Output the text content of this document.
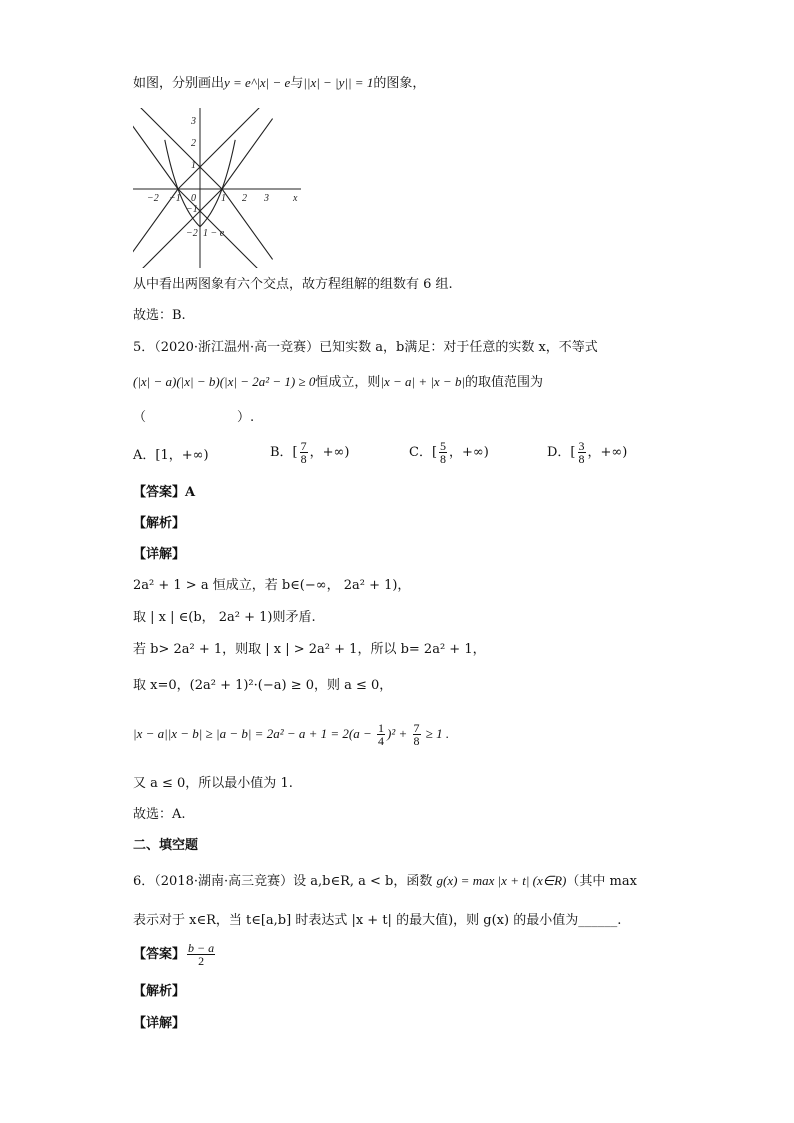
如图，分别画出y = e^|x| − e与||x| − |y|| = 1的图象，
−2 −1 0	1 2 3
3
2
1
−1
−2 1 − e
x
从中看出两图象有六个交点，故方程组解的组数有 6 组.
故选：B.
5．（2020·浙江温州·高一竞赛）已知实数 a，b满足：对于任意的实数 x，不等式
(|x| − a)(|x| − b)(|x| − 2a² − 1) ≥ 0恒成立，则|x − a| + |x − b|的取值范围为
（　　　　　　　）.
A．[1，+∞)	B．[ $\frac{7}{8}$ ，+∞)	C．[ $\frac{5}{8}$ ，+∞)	D．[ $\frac{3}{8}$ ，+∞)
【答案】A
【解析】
【详解】
2a² + 1 > a 恒成立，若 b∈(−∞， 2a² + 1)，
取 | x | ∈(b， 2a² + 1)则矛盾.
若 b> 2a² + 1，则取 | x | > 2a² + 1，所以 b= 2a² + 1，
取 x=0，(2a² + 1)²·(−a) ≥ 0，则 a ≤ 0，
$|x - a||x - b| \ge |a - b| = 2a^2 - a + 1 = 2(a - \frac{1}{4} )^2 + \frac{7}{8} \ge 1$ .
又 a ≤ 0，所以最小值为 1.
故选：A.
二、填空题
6．（2018·湖南·高三竞赛）设 a,b∈R, a < b，函数 g(x) = max |x + t| (x∈R)（其中 max
表示对于 x∈R，当 t∈[a,b] 时表达式 |x + t| 的最大值)，则 g(x) 的最小值为______.
【答案】 $\frac{b - a}{2}$
【解析】
【详解】
